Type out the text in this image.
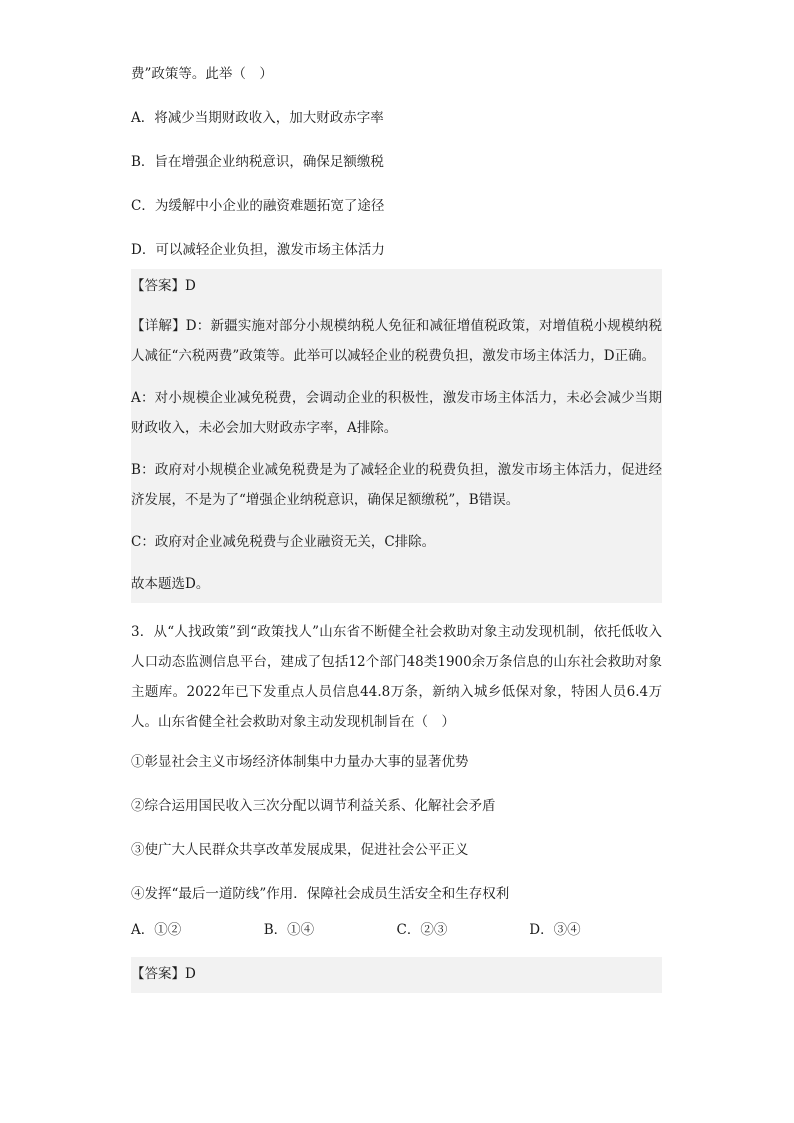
费”政策等。此举（　）

A．将减少当期财政收入，加大财政赤字率

B．旨在增强企业纳税意识，确保足额缴税

C．为缓解中小企业的融资难题拓宽了途径

D．可以减轻企业负担，激发市场主体活力

【答案】D

【详解】D：新疆实施对部分小规模纳税人免征和减征增值税政策，对增值税小规模纳税人减征“六税两费”政策等。此举可以减轻企业的税费负担，激发市场主体活力，D正确。

A：对小规模企业减免税费，会调动企业的积极性，激发市场主体活力，未必会减少当期财政收入，未必会加大财政赤字率，A排除。

B：政府对小规模企业减免税费是为了减轻企业的税费负担，激发市场主体活力，促进经济发展，不是为了“增强企业纳税意识，确保足额缴税”，B错误。

C：政府对企业减免税费与企业融资无关，C排除。

故本题选D。

3．从“人找政策”到“政策找人”山东省不断健全社会救助对象主动发现机制，依托低收入人口动态监测信息平台，建成了包括12个部门48类1900余万条信息的山东社会救助对象主题库。2022年已下发重点人员信息44.8万条，新纳入城乡低保对象，特困人员6.4万人。山东省健全社会救助对象主动发现机制旨在（　）

①彰显社会主义市场经济体制集中力量办大事的显著优势

②综合运用国民收入三次分配以调节利益关系、化解社会矛盾

③使广大人民群众共享改革发展成果，促进社会公平正义

④发挥“最后一道防线”作用．保障社会成员生活安全和生存权利

A．①②	B．①④	C．②③	D．③④

【答案】D
